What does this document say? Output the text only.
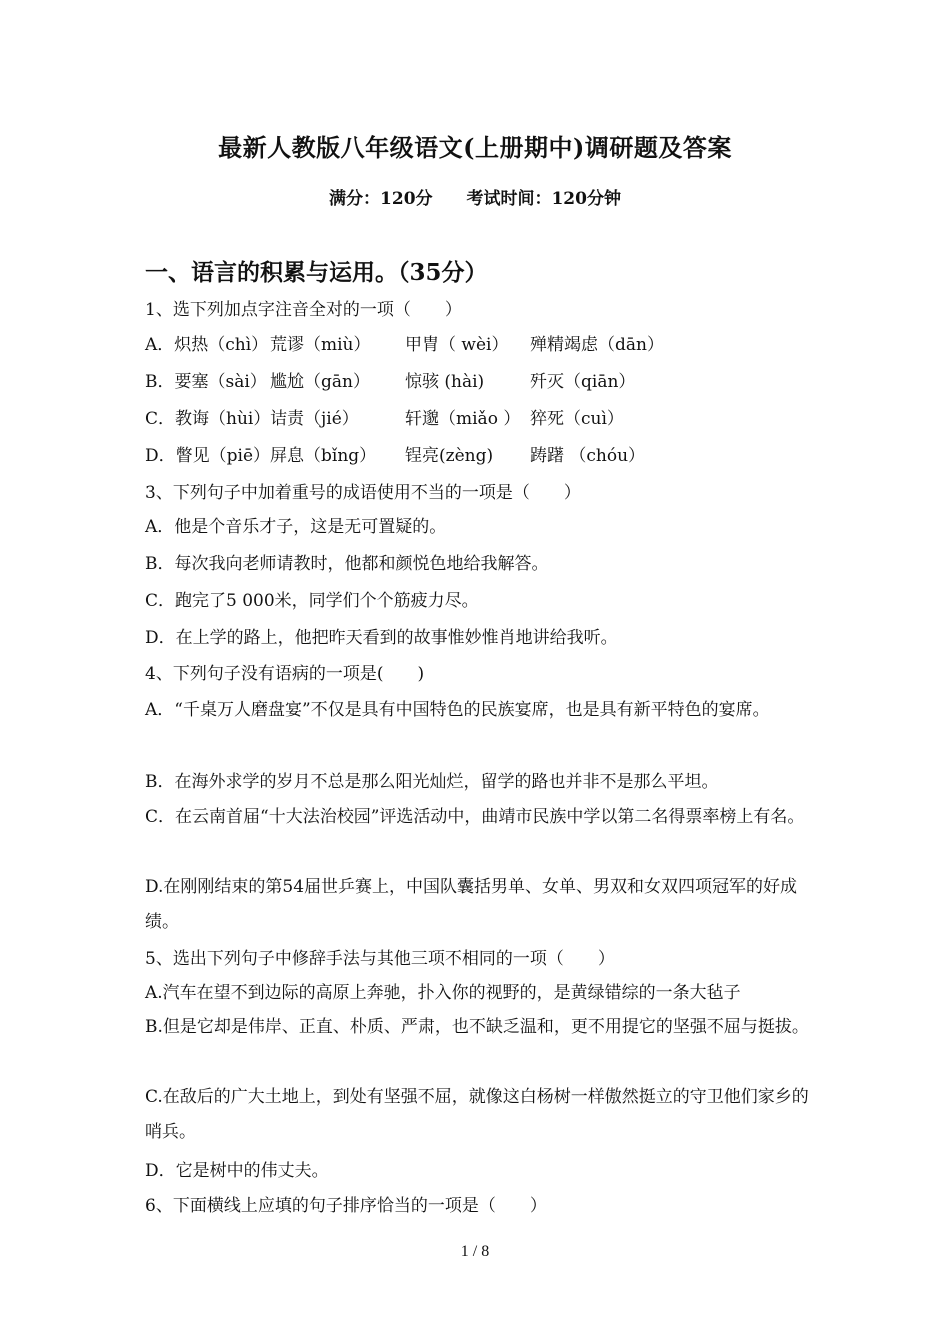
最新人教版八年级语文(上册期中)调研题及答案
满分：120分 考试时间：120分钟
一、语言的积累与运用。（35分）
1、选下列加点字注音全对的一项（　　）
A．炽热（chì） 荒谬（miù） 甲胄（ wèi） 殚精竭虑（dān）
B．要塞（sài） 尴尬（gān） 惊骇 (hài)	歼灭（qiān）
C．教诲（hùi）诘责（jié）	轩邈（miǎo ） 猝死（cuì）
D．瞥见（piē）屏息（bǐng） 锃亮(zèng) 踌躇 （chóu）
3、下列句子中加着重号的成语使用不当的一项是（　　）
A．他是个音乐才子，这是无可置疑的。
B．每次我向老师请教时，他都和颜悦色地给我解答。
C．跑完了5 000米，同学们个个筋疲力尽。
D．在上学的路上，他把昨天看到的故事惟妙惟肖地讲给我听。
4、下列句子没有语病的一项是(　　)
A．“千桌万人磨盘宴”不仅是具有中国特色的民族宴席，也是具有新平特色的宴席。
B．在海外求学的岁月不总是那么阳光灿烂，留学的路也并非不是那么平坦。
C．在云南首届“十大法治校园”评选活动中，曲靖市民族中学以第二名得票率榜上有名。
D.在刚刚结束的第54届世乒赛上，中国队囊括男单、女单、男双和女双四项冠军的好成绩。
5、选出下列句子中修辞手法与其他三项不相同的一项（　　）
A.汽车在望不到边际的高原上奔驰，扑入你的视野的，是黄绿错综的一条大毡子
B.但是它却是伟岸、正直、朴质、严肃，也不缺乏温和，更不用提它的坚强不屈与挺拔。
C.在敌后的广大土地上，到处有坚强不屈，就像这白杨树一样傲然挺立的守卫他们家乡的哨兵。
D．它是树中的伟丈夫。
6、下面横线上应填的句子排序恰当的一项是（　　）
1 / 8
